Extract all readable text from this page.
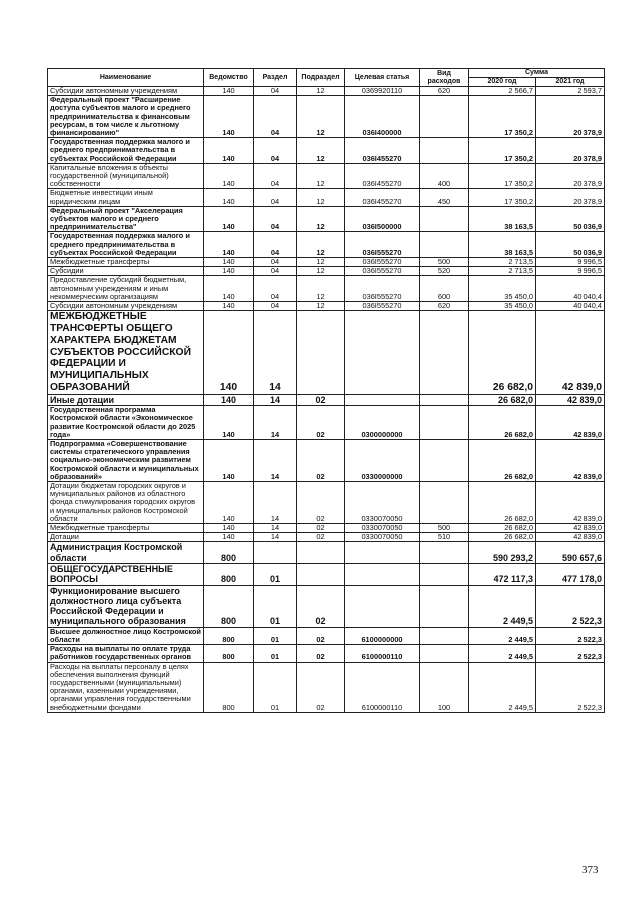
Наименование	Ведомство	Раздел	Подраздел	Целевая статья	Вид расходов	Сумма	
						2020 год	2021 год
Субсидии автономным учреждениям	140	04	12	0369920110	620	2 566,7	2 593,7
Федеральный проект "Расширение доступа субъектов малого и среднего предпринимательства к финансовым ресурсам, в том числе к льготному финансированию"	140	04	12	036I400000		17 350,2	20 378,9
Государственная поддержка малого и среднего предпринимательства в субъектах Российской Федерации	140	04	12	036I455270		17 350,2	20 378,9
Капитальные вложения в объекты государственной (муниципальной) собственности	140	04	12	036I455270	400	17 350,2	20 378,9
Бюджетные инвестиции иным юридическим лицам	140	04	12	036I455270	450	17 350,2	20 378,9
Федеральный проект "Акселерация субъектов малого и среднего предпринимательства"	140	04	12	036I500000		38 163,5	50 036,9
Государственная поддержка малого и среднего предпринимательства в субъектах Российской Федерации	140	04	12	036I555270		38 163,5	50 036,9
Межбюджетные трансферты	140	04	12	036I555270	500	2 713,5	9 996,5
Субсидии	140	04	12	036I555270	520	2 713,5	9 996,5
Предоставление субсидий бюджетным, автономным учреждениям и иным некоммерческим организациям	140	04	12	036I555270	600	35 450,0	40 040,4
Субсидии автономным учреждениям	140	04	12	036I555270	620	35 450,0	40 040,4
МЕЖБЮДЖЕТНЫЕ ТРАНСФЕРТЫ ОБЩЕГО ХАРАКТЕРА БЮДЖЕТАМ СУБЪЕКТОВ РОССИЙСКОЙ ФЕДЕРАЦИИ И МУНИЦИПАЛЬНЫХ ОБРАЗОВАНИЙ	140	14				26 682,0	42 839,0
Иные дотации	140	14	02			26 682,0	42 839,0
Государственная программа Костромской области «Экономическое развитие Костромской области до 2025 года»	140	14	02	0300000000		26 682,0	42 839,0
Подпрограмма «Совершенствование системы стратегического управления социально-экономическим развитием Костромской области и муниципальных образований»	140	14	02	0330000000		26 682,0	42 839,0
Дотации бюджетам городских округов и муниципальных районов из областного фонда стимулирования городских округов и муниципальных районов Костромской области	140	14	02	0330070050		26 682,0	42 839,0
Межбюджетные трансферты	140	14	02	0330070050	500	26 682,0	42 839,0
Дотации	140	14	02	0330070050	510	26 682,0	42 839,0
Администрация Костромской области	800					590 293,2	590 657,6
ОБЩЕГОСУДАРСТВЕННЫЕ ВОПРОСЫ	800	01				472 117,3	477 178,0
Функционирование высшего должностного лица субъекта Российской Федерации и муниципального образования	800	01	02			2 449,5	2 522,3
Высшее должностное лицо Костромской области	800	01	02	6100000000		2 449,5	2 522,3
Расходы на выплаты по оплате труда работников государственных органов	800	01	02	6100000110		2 449,5	2 522,3
Расходы на выплаты персоналу в целях обеспечения выполнения функций государственными (муниципальными) органами, казенными учреждениями, органами управления государственными внебюджетными фондами	800	01	02	6100000110	100	2 449,5	2 522,3
373
